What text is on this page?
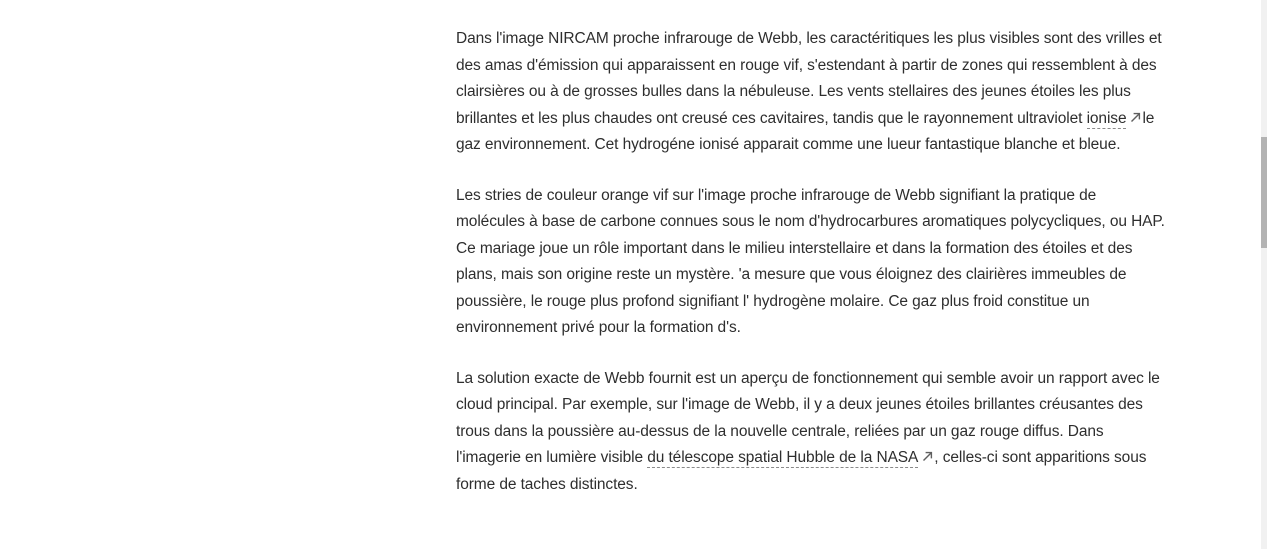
Dans l'image NIRCAM proche infrarouge de Webb, les caractéritiques les plus visibles sont des vrilles et des amas d'émission qui apparaissent en rouge vif, s'estendant à partir de zones qui ressemblent à des clairsières ou à de grosses bulles dans la nébuleuse. Les vents stellaires des jeunes étoiles les plus brillantes et les plus chaudes ont creusé ces cavitaires, tandis que le rayonnement ultraviolet ionise le gaz environnement. Cet hydrogéne ionisé apparait comme une lueur fantastique blanche et bleue.

Les stries de couleur orange vif sur l'image proche infrarouge de Webb signifiant la pratique de molécules à base de carbone connues sous le nom d'hydrocarbures aromatiques polycycliques, ou HAP. Ce mariage joue un rôle important dans le milieu interstellaire et dans la formation des étoiles et des plans, mais son origine reste un mystère. 'a mesure que vous éloignez des clairières immeubles de poussière, le rouge plus profond signifiant l' hydrogène molaire. Ce gaz plus froid constitue un environnement privé pour la formation d's.

La solution exacte de Webb fournit est un aperçu de fonctionnement qui semble avoir un rapport avec le cloud principal. Par exemple, sur l'image de Webb, il y a deux jeunes étoiles brillantes créusantes des trous dans la poussière au-dessus de la nouvelle centrale, reliées par un gaz rouge diffus. Dans l'imagerie en lumière visible du télescope spatial Hubble de la NASA , celles-ci sont apparitions sous forme de taches distinctes.
